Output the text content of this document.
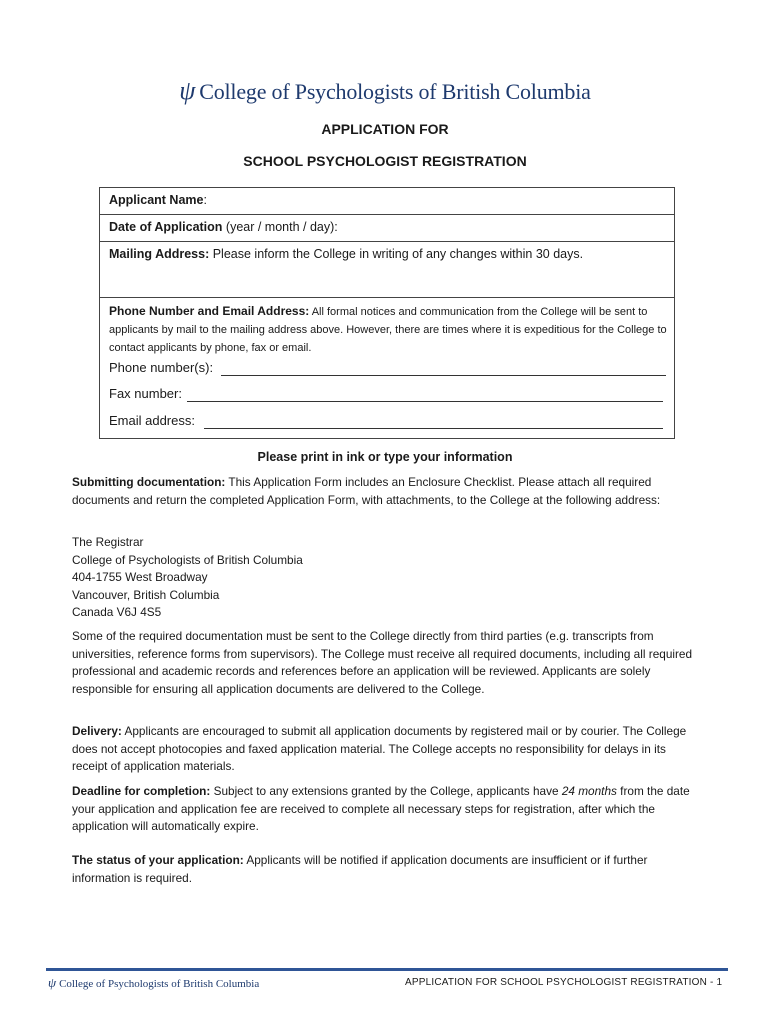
ψ College of Psychologists of British Columbia
APPLICATION FOR
SCHOOL PSYCHOLOGIST REGISTRATION
Applicant Name:
Date of Application (year / month / day):
Mailing Address: Please inform the College in writing of any changes within 30 days.
Phone Number and Email Address: All formal notices and communication from the College will be sent to applicants by mail to the mailing address above. However, there are times where it is expeditious for the College to contact applicants by phone, fax or email.
Phone number(s):
Fax number:
Email address:
Please print in ink or type your information

Submitting documentation: This Application Form includes an Enclosure Checklist. Please attach all required documents and return the completed Application Form, with attachments, to the College at the following address:

The Registrar
College of Psychologists of British Columbia
404-1755 West Broadway
Vancouver, British Columbia
Canada V6J 4S5
Some of the required documentation must be sent to the College directly from third parties (e.g. transcripts from universities, reference forms from supervisors). The College must receive all required documents, including all required professional and academic records and references before an application will be reviewed. Applicants are solely responsible for ensuring all application documents are delivered to the College.

Delivery: Applicants are encouraged to submit all application documents by registered mail or by courier. The College does not accept photocopies and faxed application material. The College accepts no responsibility for delays in its receipt of application materials.

Deadline for completion: Subject to any extensions granted by the College, applicants have 24 months from the date your application and application fee are received to complete all necessary steps for registration, after which the application will automatically expire.

The status of your application: Applicants will be notified if application documents are insufficient or if further information is required.

ψ College of Psychologists of British Columbia	APPLICATION FOR SCHOOL PSYCHOLOGIST REGISTRATION - 1
